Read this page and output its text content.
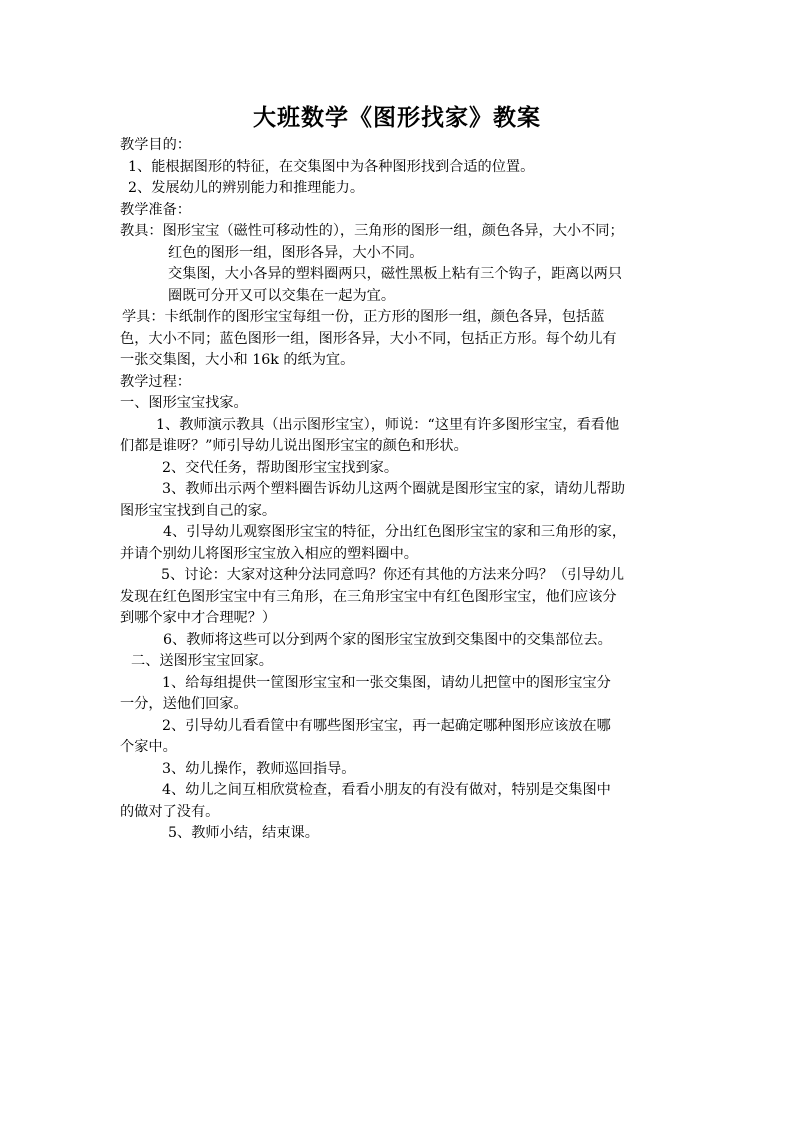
大班数学《图形找家》教案
教学目的：
1、能根据图形的特征，在交集图中为各种图形找到合适的位置。
2、发展幼儿的辨别能力和推理能力。
教学准备：
教具：图形宝宝（磁性可移动性的），三角形的图形一组，颜色各异，大小不同；
红色的图形一组，图形各异，大小不同。
交集图，大小各异的塑料圈两只，磁性黑板上粘有三个钩子，距离以两只
圈既可分开又可以交集在一起为宜。
学具：卡纸制作的图形宝宝每组一份，正方形的图形一组，颜色各异，包括蓝
色，大小不同；蓝色图形一组，图形各异，大小不同，包括正方形。每个幼儿有
一张交集图，大小和 16k 的纸为宜。
教学过程：
一、图形宝宝找家。
1、教师演示教具（出示图形宝宝），师说：“这里有许多图形宝宝，看看他
们都是谁呀？”师引导幼儿说出图形宝宝的颜色和形状。
2、交代任务，帮助图形宝宝找到家。
3、教师出示两个塑料圈告诉幼儿这两个圈就是图形宝宝的家，请幼儿帮助
图形宝宝找到自己的家。
4、引导幼儿观察图形宝宝的特征，分出红色图形宝宝的家和三角形的家，
并请个别幼儿将图形宝宝放入相应的塑料圈中。
5、讨论：大家对这种分法同意吗？你还有其他的方法来分吗？（引导幼儿
发现在红色图形宝宝中有三角形，在三角形宝宝中有红色图形宝宝，他们应该分
到哪个家中才合理呢？）
6、教师将这些可以分到两个家的图形宝宝放到交集图中的交集部位去。
二、送图形宝宝回家。
1、给每组提供一筐图形宝宝和一张交集图，请幼儿把筐中的图形宝宝分
一分，送他们回家。
2、引导幼儿看看筐中有哪些图形宝宝，再一起确定哪种图形应该放在哪
个家中。
3、幼儿操作，教师巡回指导。
4、幼儿之间互相欣赏检查，看看小朋友的有没有做对，特别是交集图中
的做对了没有。
5、教师小结，结束课。
